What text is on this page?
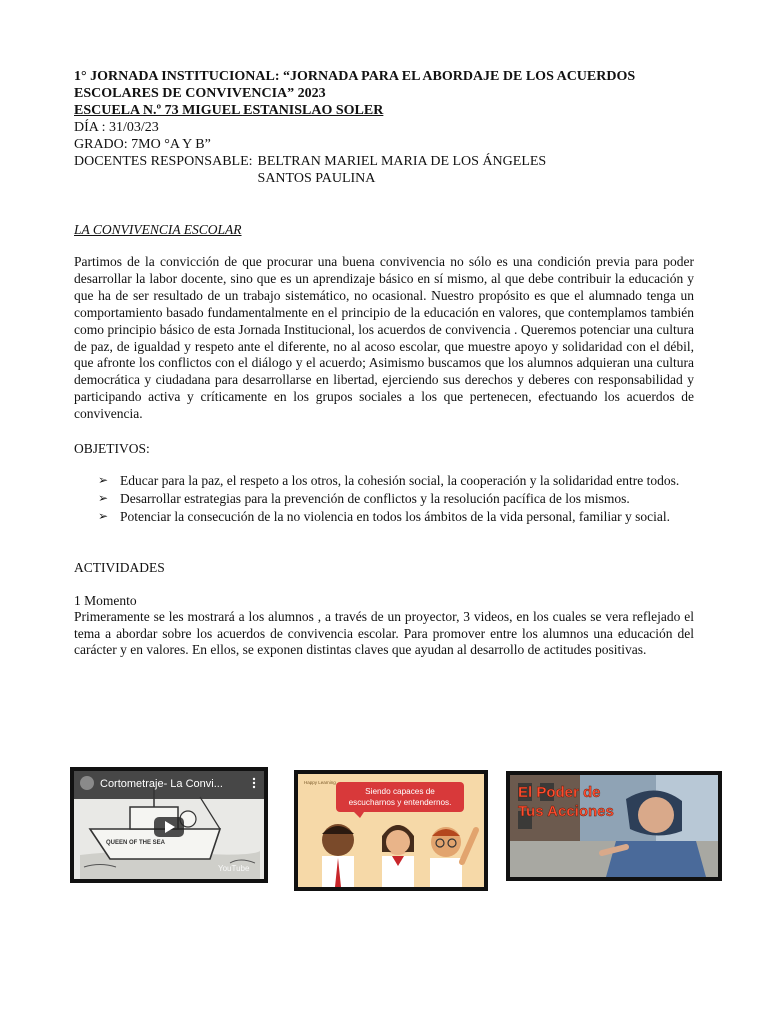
1° JORNADA INSTITUCIONAL: “JORNADA PARA EL ABORDAJE DE LOS ACUERDOS ESCOLARES DE CONVIVENCIA” 2023
ESCUELA N.º 73 MIGUEL ESTANISLAO SOLER
DÍA : 31/03/23
GRADO: 7MO °A Y B”
DOCENTES RESPONSABLE: BELTRAN MARIEL MARIA DE LOS ÁNGELES
SANTOS PAULINA
LA CONVIVENCIA ESCOLAR
Partimos de la convicción de que procurar una buena convivencia no sólo es una condición previa para poder desarrollar la labor docente, sino que es un aprendizaje básico en sí mismo, al que debe contribuir la educación y que ha de ser resultado de un trabajo sistemático, no ocasional. Nuestro propósito es que el alumnado tenga un comportamiento basado fundamentalmente en el principio de la educación en valores, que contemplamos también como principio básico de esta Jornada Institucional, los acuerdos de convivencia . Queremos potenciar una cultura de paz, de igualdad y respeto ante el diferente, no al acoso escolar, que muestre apoyo y solidaridad con el débil, que afronte los conflictos con el diálogo y el acuerdo; Asimismo buscamos que los alumnos adquieran una cultura democrática y ciudadana para desarrollarse en libertad, ejerciendo sus derechos y deberes con responsabilidad y participando activa y críticamente en los grupos sociales a los que pertenecen, efectuando los acuerdos de convivencia.
OBJETIVOS:
➢ Educar para la paz, el respeto a los otros, la cohesión social, la cooperación y la solidaridad entre todos.
➢ Desarrollar estrategias para la prevención de conflictos y la resolución pacífica de los mismos.
➢ Potenciar la consecución de la no violencia en todos los ámbitos de la vida personal, familiar y social.
ACTIVIDADES
1 Momento
Primeramente se les mostrará a los alumnos , a través de un proyector, 3 videos, en los cuales se vera reflejado el tema a abordar sobre los acuerdos de convivencia escolar. Para promover entre los alumnos una educación del carácter y en valores. En ellos, se exponen distintas claves que ayudan al desarrollo de actitudes positivas.
QUEEN OF THE SEA
Cortometraje- La Convi...
YouTube
Happy Learning
Siendo capaces de
escucharnos y entendernos.
El Poder de
Tus Acciones
